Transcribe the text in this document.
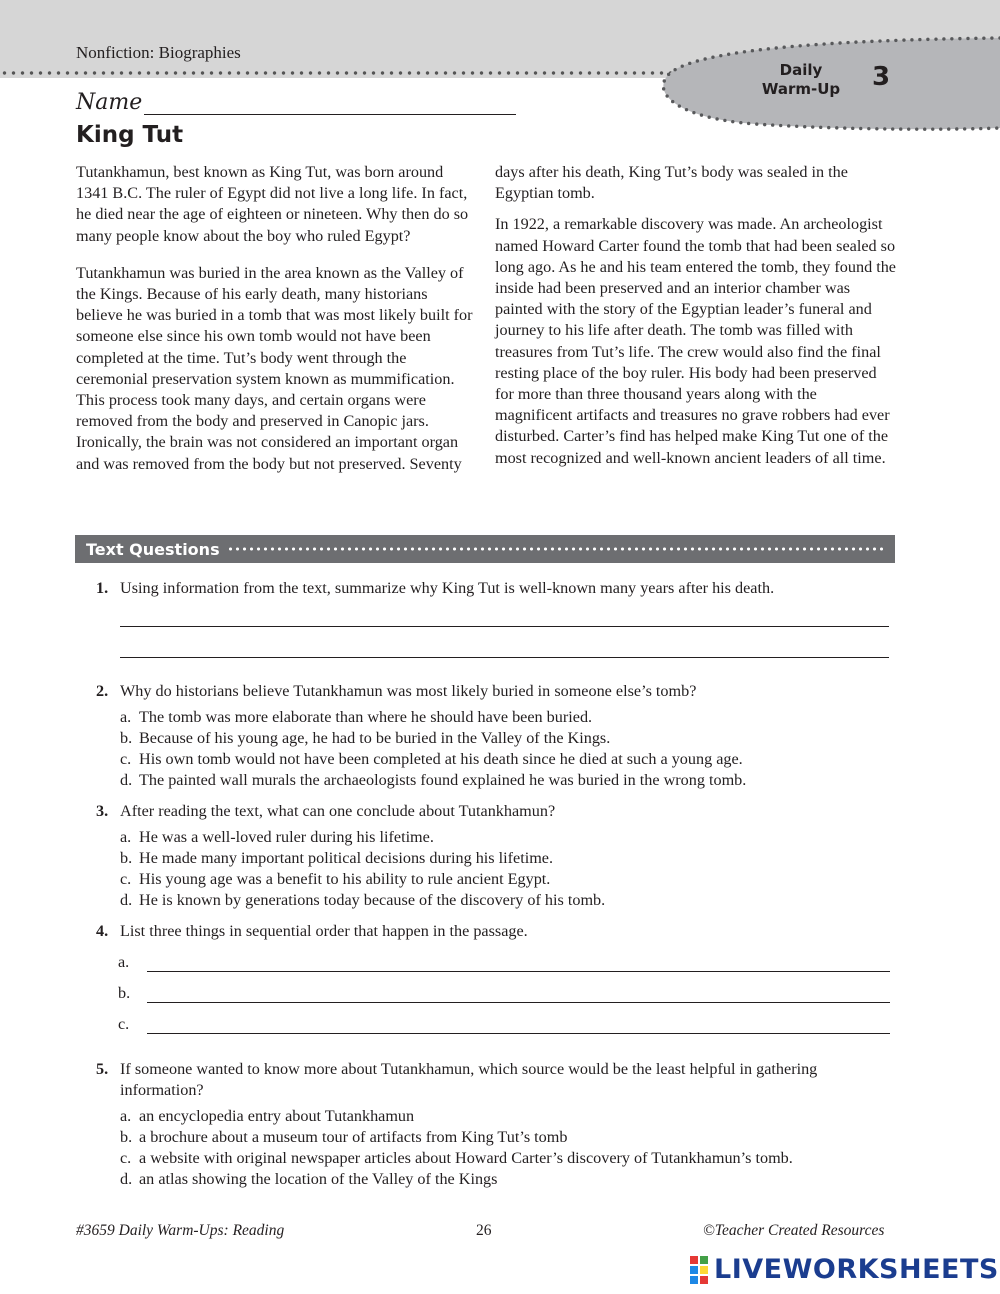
Nonfiction: Biographies
Daily
Warm-Up	3
Name
King Tut

Tutankhamun, best known as King Tut, was born around 1341 B.C. The ruler of Egypt did not live a long life. In fact, he died near the age of eighteen or nineteen. Why then do so many people know about the boy who ruled Egypt?

Tutankhamun was buried in the area known as the Valley of the Kings. Because of his early death, many historians believe he was buried in a tomb that was most likely built for someone else since his own tomb would not have been completed at the time. Tut’s body went through the ceremonial preservation system known as mummification. This process took many days, and certain organs were removed from the body and preserved in Canopic jars. Ironically, the brain was not considered an important organ and was removed from the body but not preserved. Seventy

days after his death, King Tut’s body was sealed in the Egyptian tomb.

In 1922, a remarkable discovery was made. An archeologist named Howard Carter found the tomb that had been sealed so long ago. As he and his team entered the tomb, they found the inside had been preserved and an interior chamber was painted with the story of the Egyptian leader’s funeral and journey to his life after death. The tomb was filled with treasures from Tut’s life. The crew would also find the final resting place of the boy ruler. His body had been preserved for more than three thousand years along with the magnificent artifacts and treasures no grave robbers had ever disturbed. Carter’s find has helped make King Tut one of the most recognized and well-known ancient leaders of all time.

Text Questions
1. Using information from the text, summarize why King Tut is well-known many years after his death.
2. Why do historians believe Tutankhamun was most likely buried in someone else’s tomb?
a. The tomb was more elaborate than where he should have been buried.
b. Because of his young age, he had to be buried in the Valley of the Kings.
c. His own tomb would not have been completed at his death since he died at such a young age.
d. The painted wall murals the archaeologists found explained he was buried in the wrong tomb.
3. After reading the text, what can one conclude about Tutankhamun?
a. He was a well-loved ruler during his lifetime.
b. He made many important political decisions during his lifetime.
c. His young age was a benefit to his ability to rule ancient Egypt.
d. He is known by generations today because of the discovery of his tomb.
4. List three things in sequential order that happen in the passage.
a.
b.
c.
5. If someone wanted to know more about Tutankhamun, which source would be the least helpful in gathering information?
a. an encyclopedia entry about Tutankhamun
b. a brochure about a museum tour of artifacts from King Tut’s tomb
c. a website with original newspaper articles about Howard Carter’s discovery of Tutankhamun’s tomb.
d. an atlas showing the location of the Valley of the Kings
#3659 Daily Warm-Ups: Reading	26	©Teacher Created Resources
LIVEWORKSHEETS
